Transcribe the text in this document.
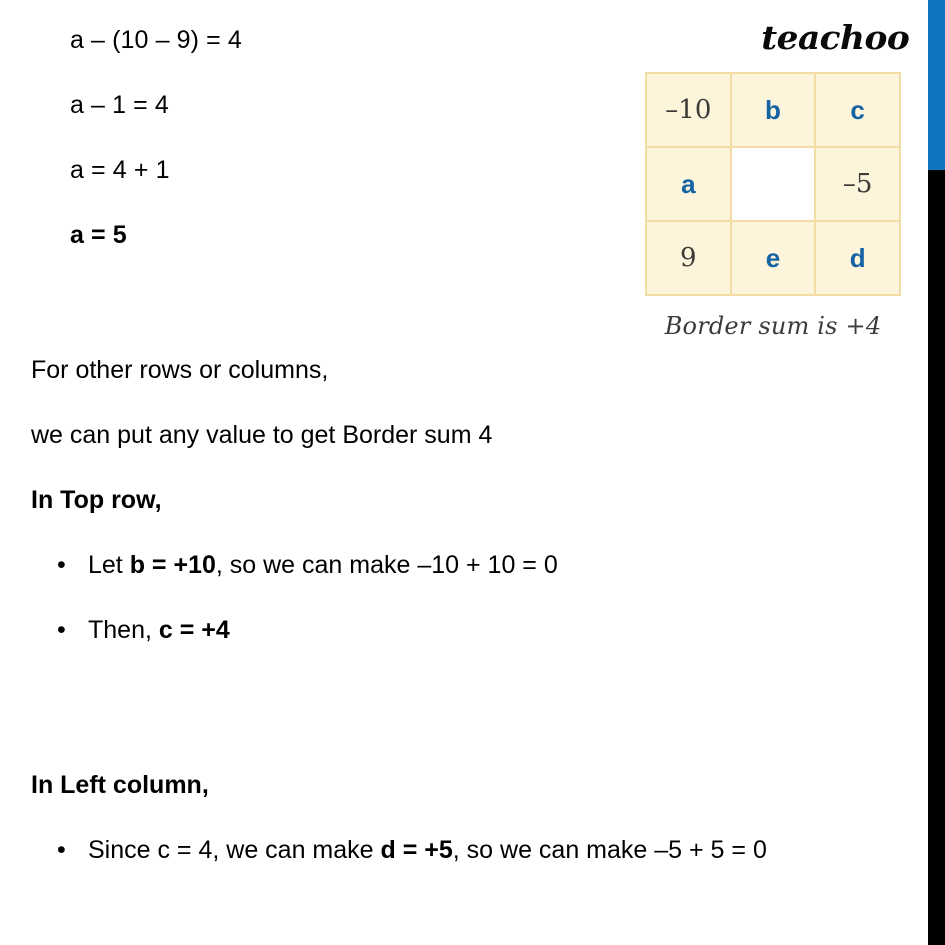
a – (10 – 9) = 4
a – 1 = 4
a = 4 + 1
a = 5
teachoo
–10	b	c
a		–5
9	e	d
Border sum is +4
For other rows or columns,
we can put any value to get Border sum 4
In Top row,
• Let b = +10, so we can make –10 + 10 = 0
• Then, c = +4
In Left column,
• Since c = 4, we can make d = +5, so we can make –5 + 5 = 0
